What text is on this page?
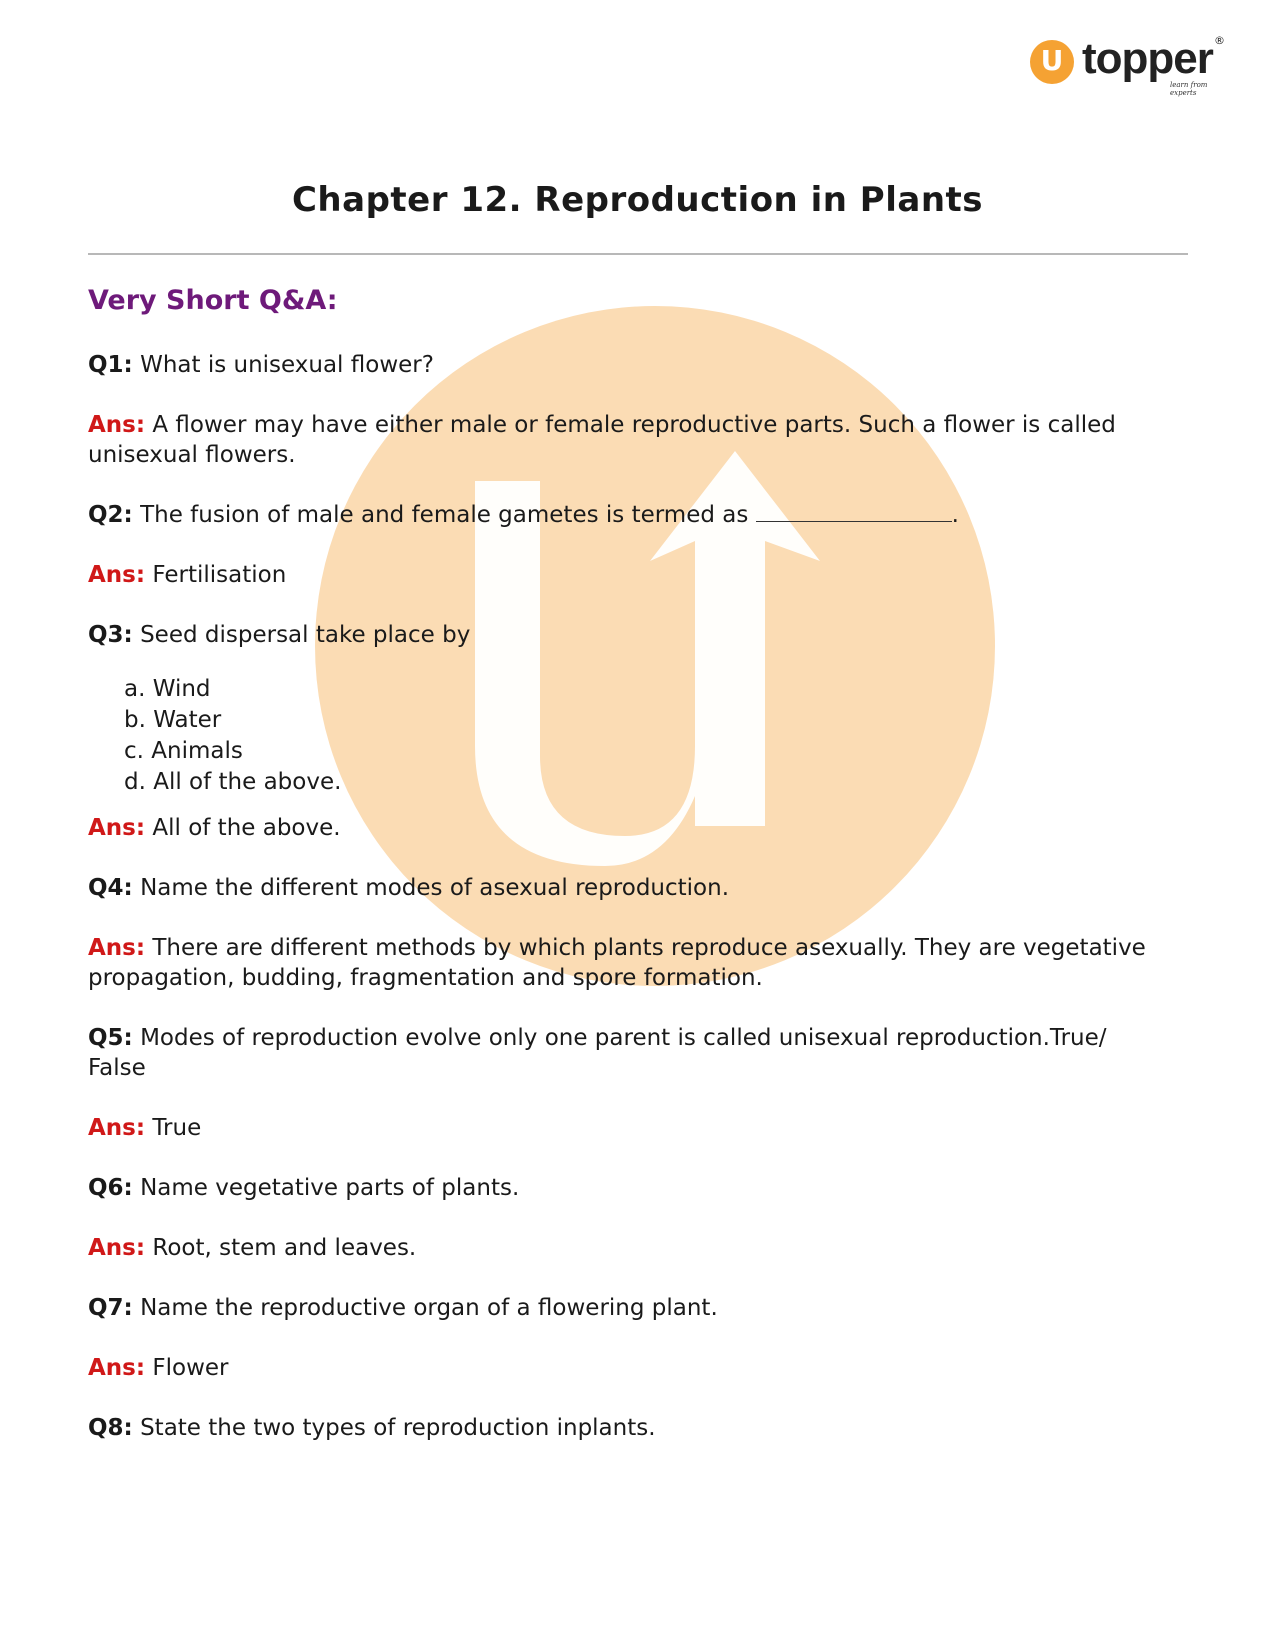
U topper ®
learn from experts
Chapter 12. Reproduction in Plants
Very Short Q&A:
Q1: What is unisexual flower?
Ans: A flower may have either male or female reproductive parts. Such a flower is called
unisexual flowers.
Q2: The fusion of male and female gametes is termed as	.
Ans: Fertilisation
Q3: Seed dispersal take place by
a. Wind
b. Water
c. Animals
d. All of the above.
Ans: All of the above.
Q4: Name the different modes of asexual reproduction.
Ans: There are different methods by which plants reproduce asexually. They are vegetative
propagation, budding, fragmentation and spore formation.
Q5: Modes of reproduction evolve only one parent is called unisexual reproduction.True/
False
Ans: True
Q6: Name vegetative parts of plants.
Ans: Root, stem and leaves.
Q7: Name the reproductive organ of a flowering plant.
Ans: Flower
Q8: State the two types of reproduction inplants.
